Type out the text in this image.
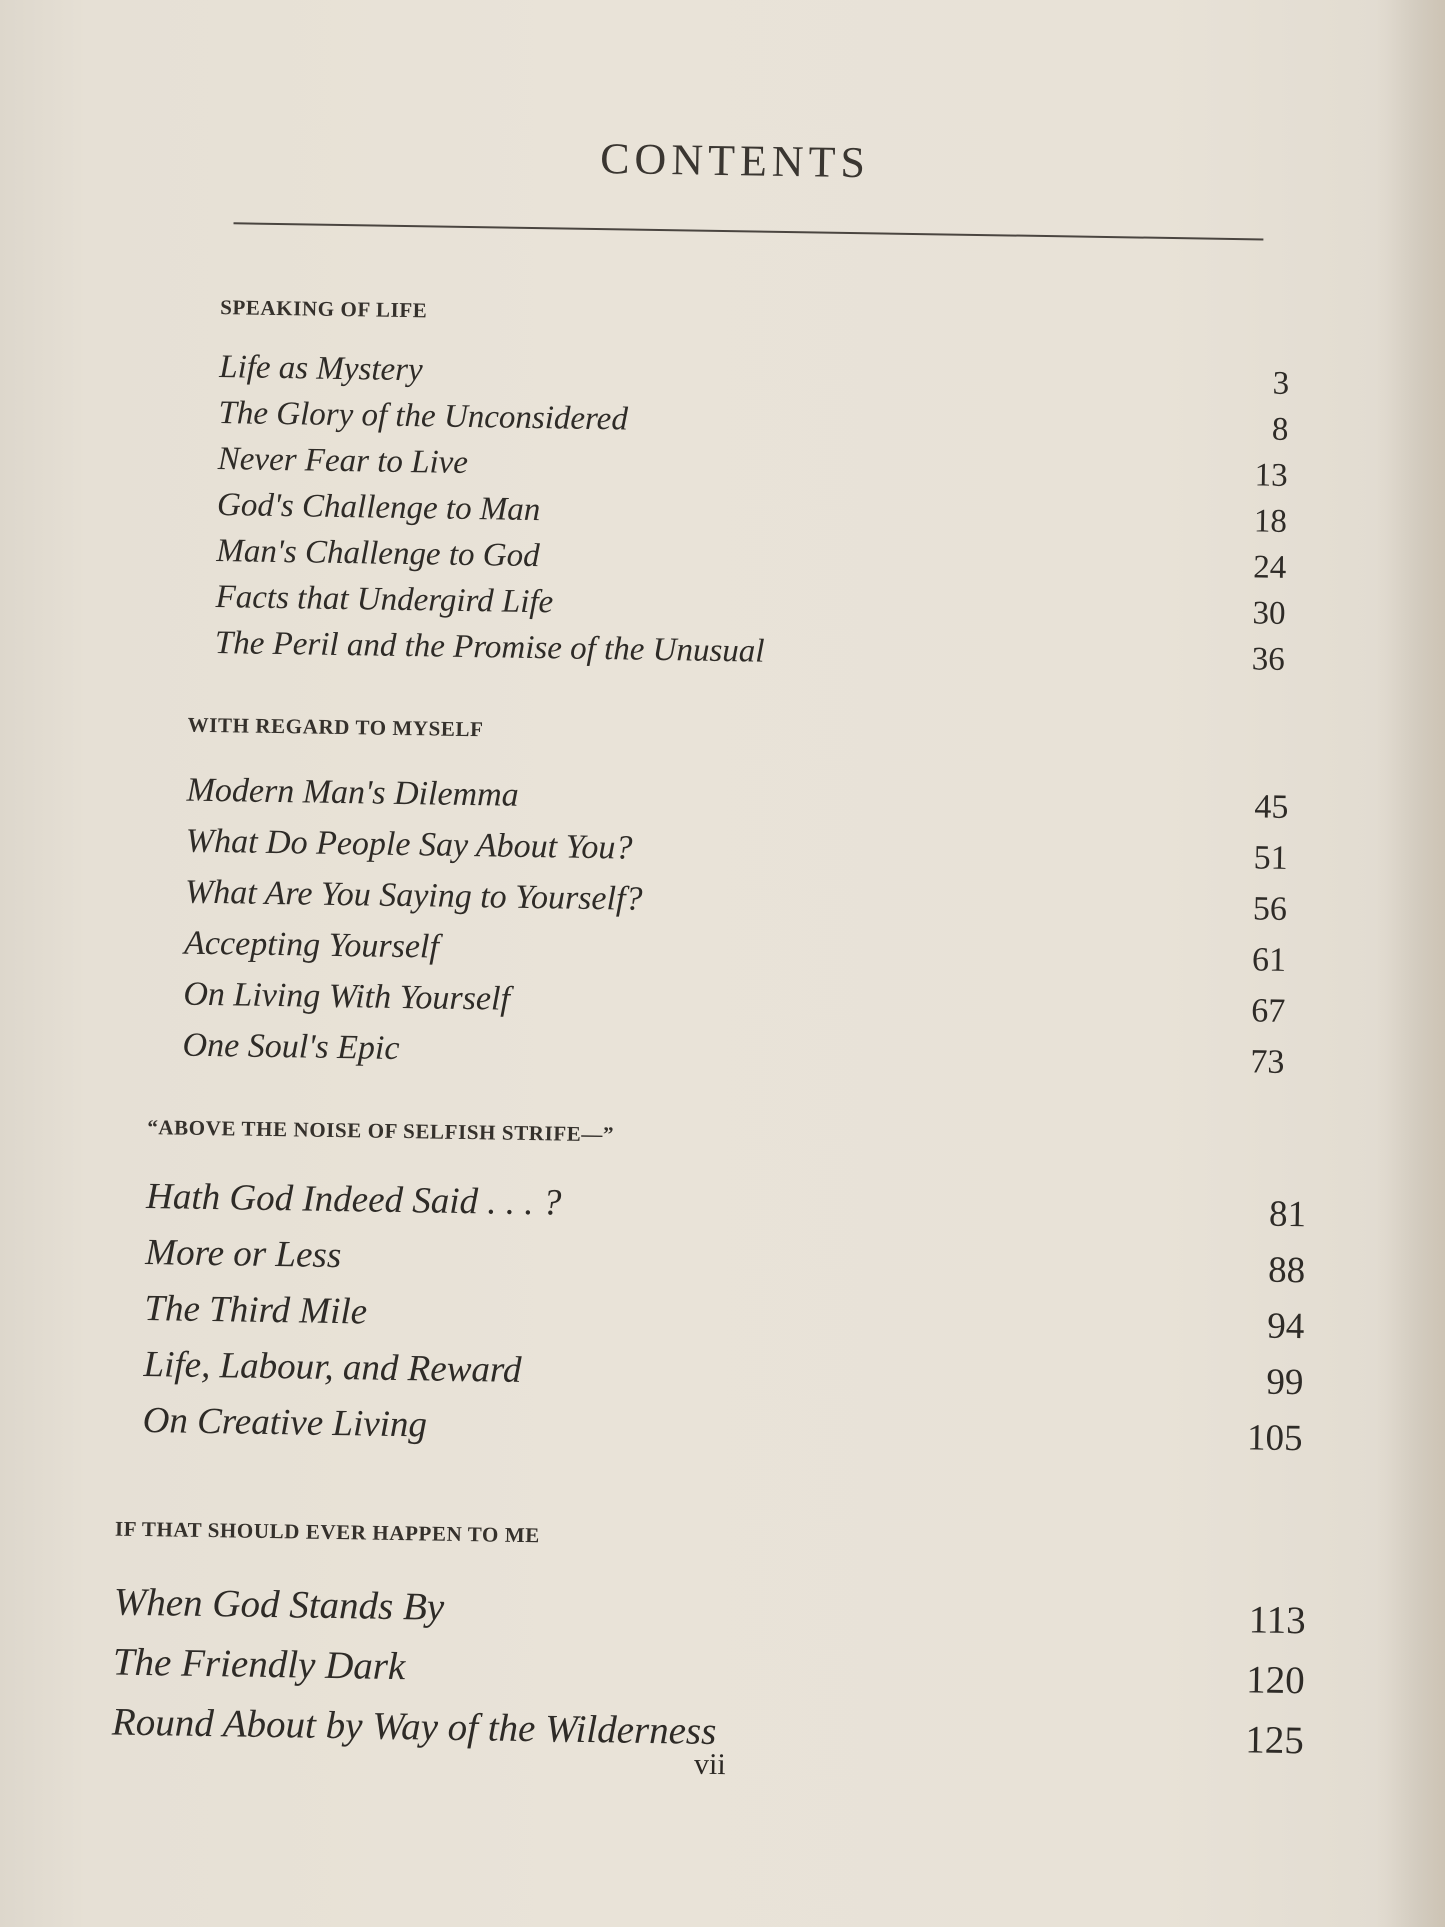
CONTENTS
SPEAKING OF LIFE
Life as Mystery	3
The Glory of the Unconsidered	8
Never Fear to Live	13
God's Challenge to Man	18
Man's Challenge to God	24
Facts that Undergird Life	30
The Peril and the Promise of the Unusual	36
WITH REGARD TO MYSELF
Modern Man's Dilemma	45
What Do People Say About You?	51
What Are You Saying to Yourself?	56
Accepting Yourself	61
On Living With Yourself	67
One Soul's Epic	73
“ABOVE THE NOISE OF SELFISH STRIFE—”
Hath God Indeed Said . . . ?	81
More or Less	88
The Third Mile	94
Life, Labour, and Reward	99
On Creative Living	105
IF THAT SHOULD EVER HAPPEN TO ME
When God Stands By	113
The Friendly Dark	120
Round About by Way of the Wilderness	125
vii
